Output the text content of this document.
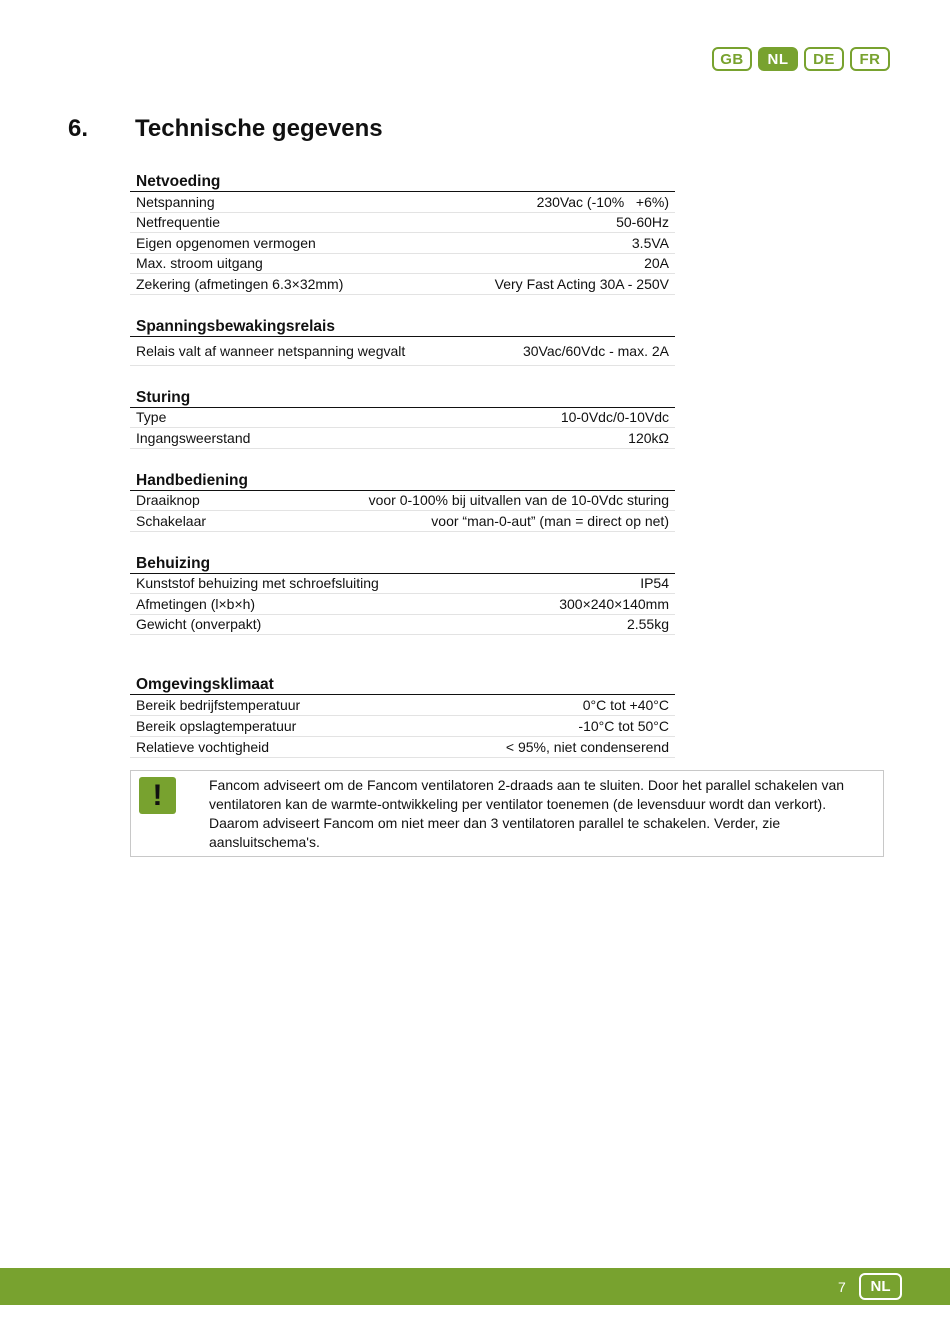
GB	NL	DE	FR
6.	Technische gegevens
Netvoeding
Netspanning	230Vac (-10%   +6%)
Netfrequentie	50-60Hz
Eigen opgenomen vermogen	3.5VA
Max. stroom uitgang	20A
Zekering (afmetingen 6.3×32mm)	Very Fast Acting 30A - 250V
Spanningsbewakingsrelais
Relais valt af wanneer netspanning wegvalt	30Vac/60Vdc - max. 2A
Sturing
Type	10-0Vdc/0-10Vdc
Ingangsweerstand	120kΩ
Handbediening
Draaiknop	voor 0-100% bij uitvallen van de 10-0Vdc sturing
Schakelaar	voor “man-0-aut” (man = direct op net)
Behuizing
Kunststof behuizing met schroefsluiting	IP54
Afmetingen (l×b×h)	300×240×140mm
Gewicht (onverpakt)	2.55kg
Omgevingsklimaat
Bereik bedrijfstemperatuur	0°C tot +40°C
Bereik opslagtemperatuur	-10°C tot 50°C
Relatieve vochtigheid	< 95%, niet condenserend
!	Fancom adviseert om de Fancom ventilatoren 2-draads aan te sluiten. Door het parallel schakelen van ventilatoren kan de warmte-ontwikkeling per ventilator toenemen (de levensduur wordt dan verkort). Daarom adviseert Fancom om niet meer dan 3 ventilatoren parallel te schakelen. Verder, zie aansluitschema's.
7	NL
